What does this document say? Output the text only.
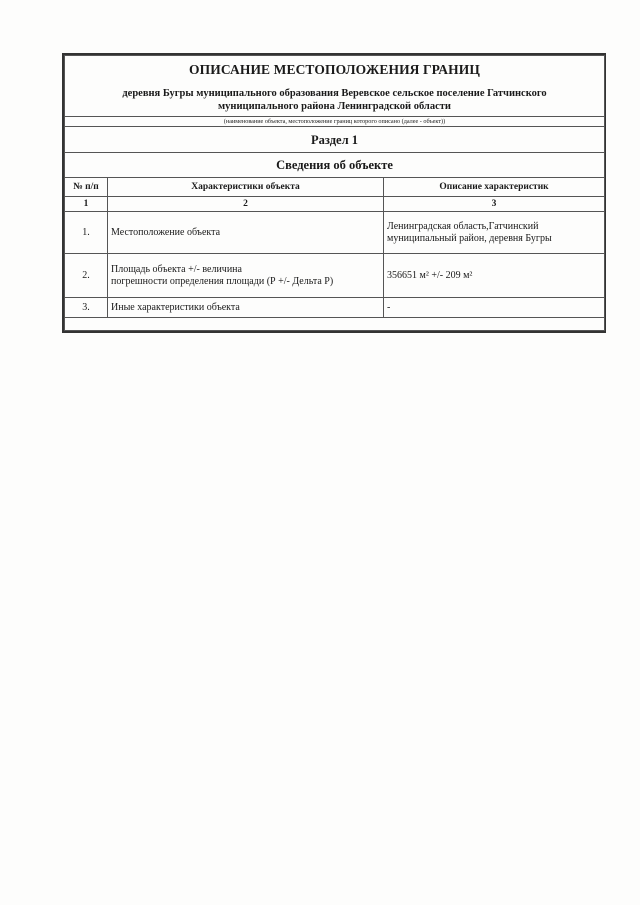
ОПИСАНИЕ МЕСТОПОЛОЖЕНИЯ ГРАНИЦ
деревня Бугры муниципального образования Веревское сельское поселение Гатчинского
муниципального района Ленинградской области		

(наименование объекта, местоположение границ которого описано (далее - объект))		
Раздел 1		
Сведения об объекте		
№ п/п	Характеристики объекта	Описание характеристик
1	2	3
1.	Местоположение объекта	Ленинградская область,Гатчинский
муниципальный район, деревня Бугры

2.	Площадь объекта +/- величина
погрешности определения площади (Р +/- Дельта Р)	356651 м² +/- 209 м²

3.	Иные характеристики объекта	-
